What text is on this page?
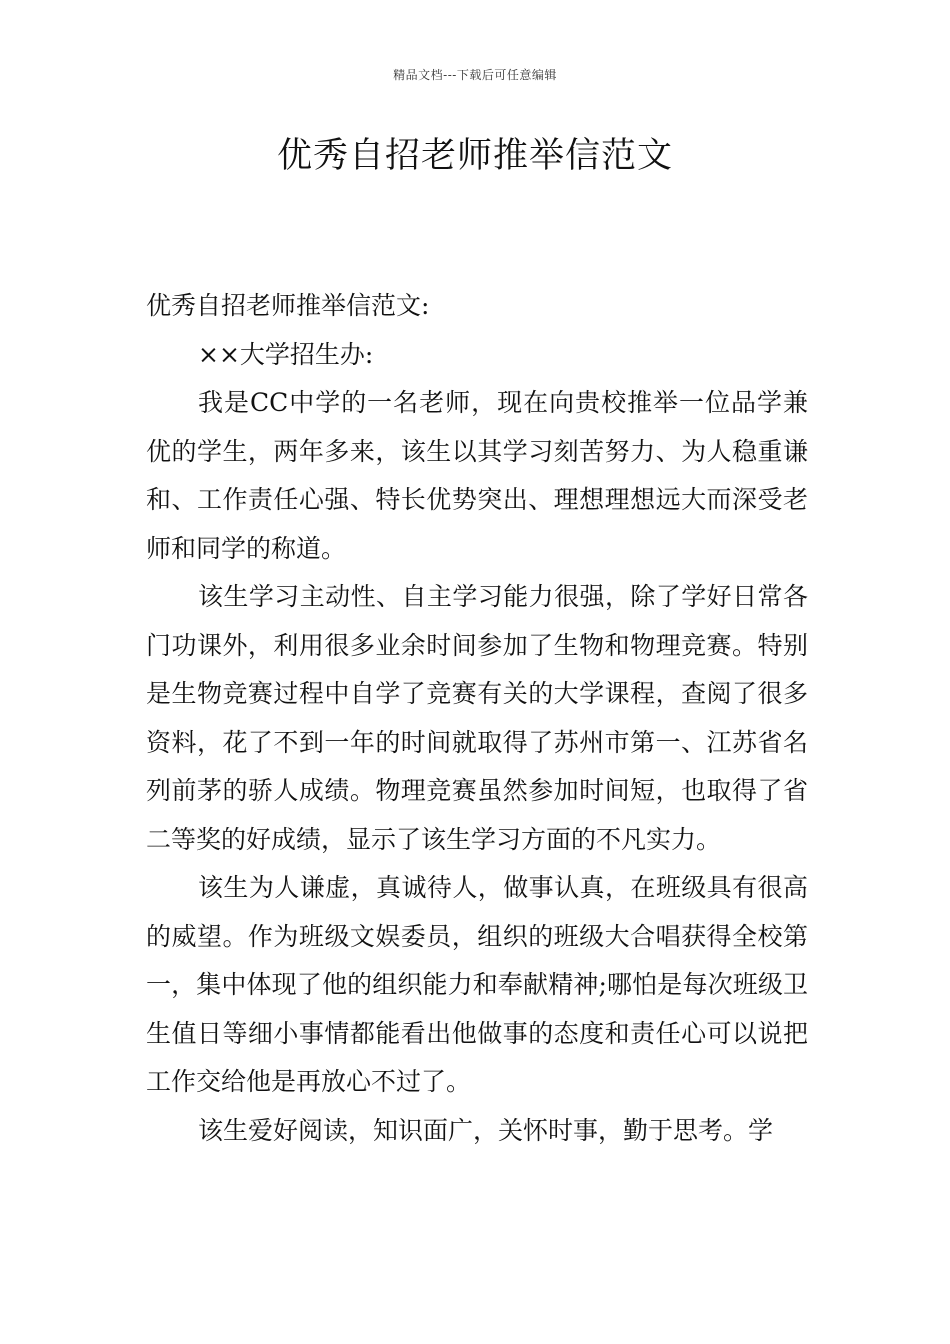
精品文档---下载后可任意编辑
优秀自招老师推举信范文

优秀自招老师推举信范文:

××大学招生办:

我是CC中学的一名老师，现在向贵校推举一位品学兼优的学生，两年多来，该生以其学习刻苦努力、为人稳重谦和、工作责任心强、特长优势突出、理想理想远大而深受老师和同学的称道。

该生学习主动性、自主学习能力很强，除了学好日常各门功课外，利用很多业余时间参加了生物和物理竞赛。特别是生物竞赛过程中自学了竞赛有关的大学课程，查阅了很多资料，花了不到一年的时间就取得了苏州市第一、江苏省名列前茅的骄人成绩。物理竞赛虽然参加时间短，也取得了省二等奖的好成绩，显示了该生学习方面的不凡实力。

该生为人谦虚，真诚待人，做事认真，在班级具有很高的威望。作为班级文娱委员，组织的班级大合唱获得全校第一，集中体现了他的组织能力和奉献精神;哪怕是每次班级卫生值日等细小事情都能看出他做事的态度和责任心可以说把工作交给他是再放心不过了。

该生爱好阅读，知识面广，关怀时事，勤于思考。学
